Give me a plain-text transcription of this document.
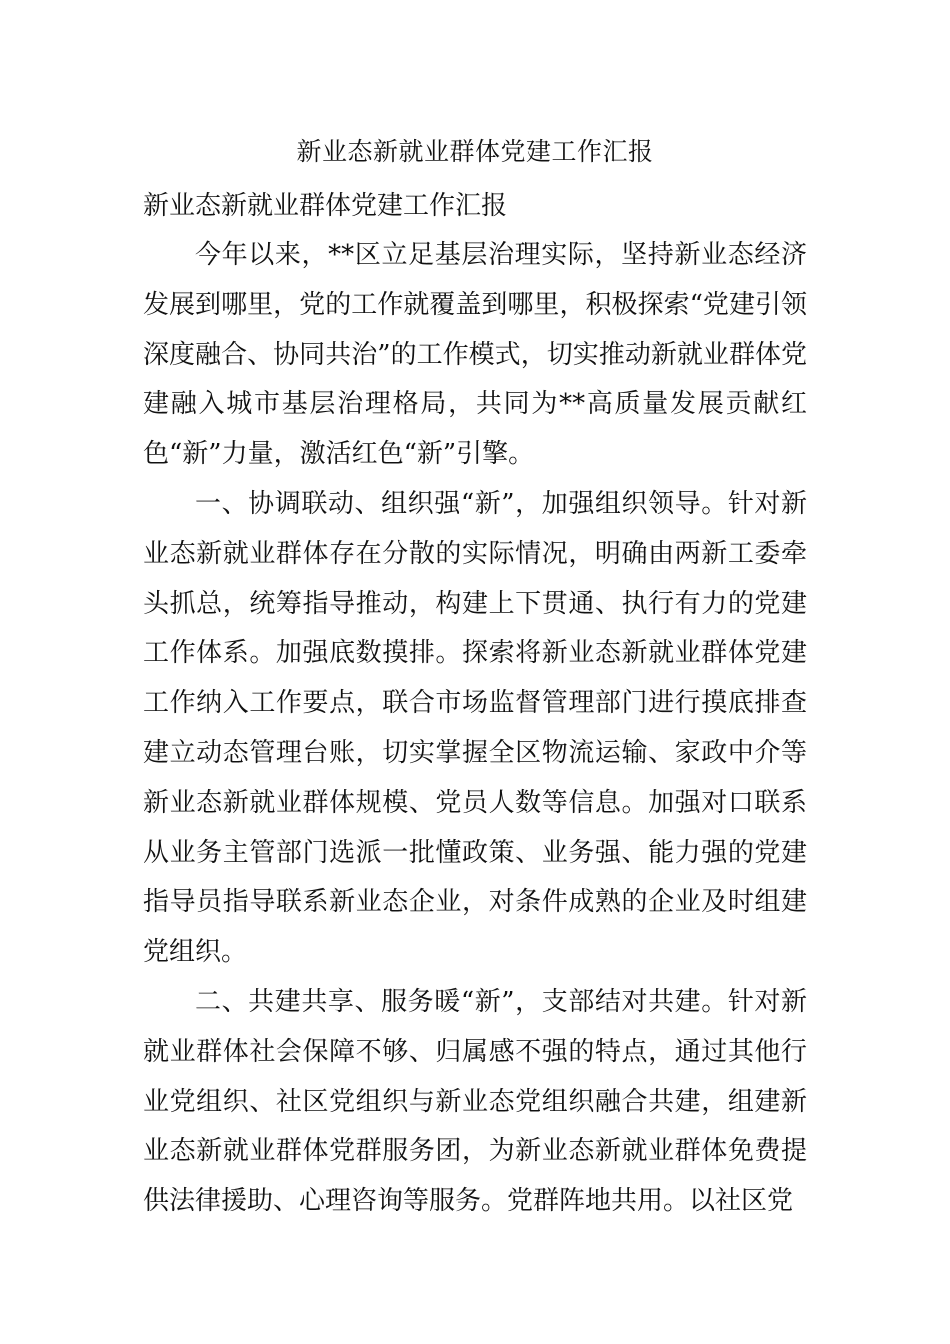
新业态新就业群体党建工作汇报

新业态新就业群体党建工作汇报

今年以来，**区立足基层治理实际，坚持新业态经济发展到哪里，党的工作就覆盖到哪里，积极探索“党建引领深度融合、协同共治”的工作模式，切实推动新就业群体党建融入城市基层治理格局，共同为**高质量发展贡献红色“新”力量，激活红色“新”引擎。

一、协调联动、组织强“新”，加强组织领导。针对新业态新就业群体存在分散的实际情况，明确由两新工委牵头抓总，统筹指导推动，构建上下贯通、执行有力的党建工作体系。加强底数摸排。探索将新业态新就业群体党建工作纳入工作要点，联合市场监督管理部门进行摸底排查建立动态管理台账，切实掌握全区物流运输、家政中介等新业态新就业群体规模、党员人数等信息。加强对口联系从业务主管部门选派一批懂政策、业务强、能力强的党建指导员指导联系新业态企业，对条件成熟的企业及时组建党组织。

二、共建共享、服务暖“新”，支部结对共建。针对新就业群体社会保障不够、归属感不强的特点，通过其他行业党组织、社区党组织与新业态党组织融合共建，组建新业态新就业群体党群服务团，为新业态新就业群体免费提供法律援助、心理咨询等服务。党群阵地共用。以社区党
